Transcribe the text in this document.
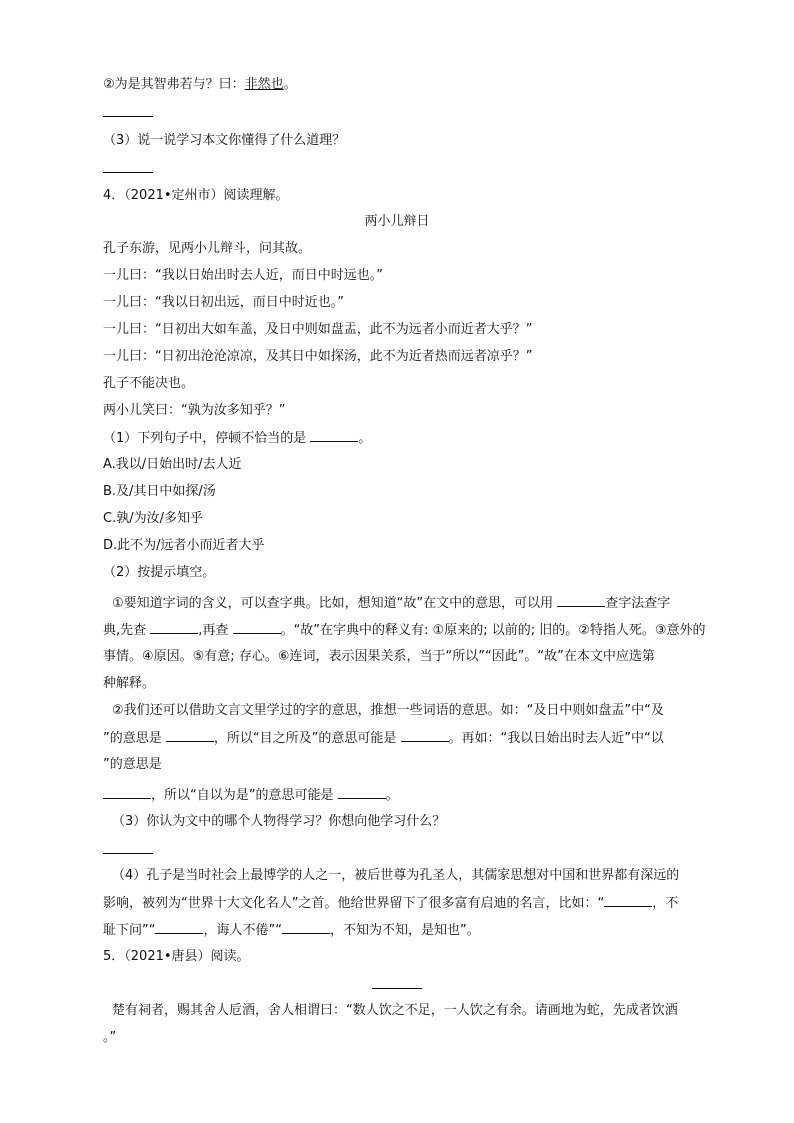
②为是其智弗若与？曰：非然也。
（3）说一说学习本文你懂得了什么道理？
4．（2021•定州市）阅读理解。
两小儿辩日
孔子东游，见两小儿辩斗，问其故。
一儿曰：“我以日始出时去人近，而日中时远也。”
一儿曰：“我以日初出远，而日中时近也。”
一儿曰：“日初出大如车盖，及日中则如盘盂，此不为远者小而近者大乎？”
一儿曰：“日初出沧沧凉凉，及其日中如探汤，此不为近者热而远者凉乎？”
孔子不能决也。
两小儿笑曰：“孰为汝多知乎？”
（1）下列句子中，停顿不恰当的是	。
A.我以/日始出时/去人近
B.及/其日中如探/汤
C.孰/为汝/多知乎
D.此不为/远者小而近者大乎
（2）按提示填空。
①要知道字词的含义，可以查字典。比如，想知道“故”在文中的意思，可以用	查字法查字
典,先查	,再查	。“故”在字典中的释义有: ①原来的; 以前的; 旧的。②特指人死。③意外的
事情。④原因。⑤有意; 存心。⑥连词，表示因果关系，当于“所以”“因此”。“故”在本文中应选第
种解释。
②我们还可以借助文言文里学过的字的意思，推想一些词语的意思。如：“及日中则如盘盂”中“及
”的意思是	，所以“目之所及”的意思可能是	。再如：“我以日始出时去人近”中“以
”的意思是
，所以“自以为是”的意思可能是	。
（3）你认为文中的哪个人物得学习？你想向他学习什么？
（4）孔子是当时社会上最博学的人之一，被后世尊为孔圣人，其儒家思想对中国和世界都有深远的
影响，被列为“世界十大文化名人”之首。他给世界留下了很多富有启迪的名言，比如：“	，不
耻下问”“	，诲人不倦”“	，不知为不知，是知也”。
5．（2021•唐县）阅读。
楚有祠者，赐其舍人卮酒，舍人相谓曰：“数人饮之不足，一人饮之有余。请画地为蛇，先成者饮酒
。”
